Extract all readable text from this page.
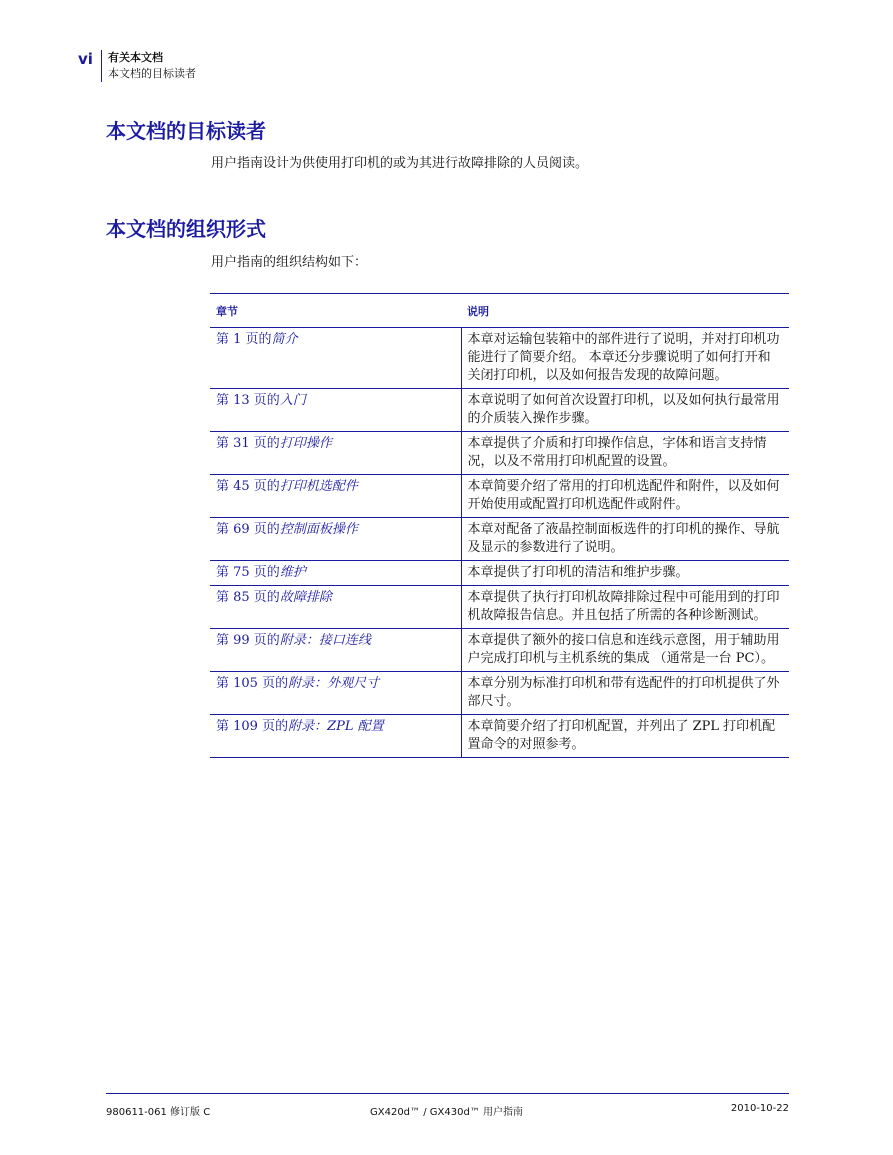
vi 有关本文档
本文档的目标读者
本文档的目标读者

用户指南设计为供使用打印机的或为其进行故障排除的人员阅读。

本文档的组织形式

用户指南的组织结构如下：

章节	说明
第 1 页的简介	本章对运输包装箱中的部件进行了说明，并对打印机功能进行了简要介绍。 本章还分步骤说明了如何打开和关闭打印机，以及如何报告发现的故障问题。
第 13 页的入门	本章说明了如何首次设置打印机，以及如何执行最常用的介质装入操作步骤。
第 31 页的打印操作	本章提供了介质和打印操作信息，字体和语言支持情况，以及不常用打印机配置的设置。
第 45 页的打印机选配件	本章简要介绍了常用的打印机选配件和附件，以及如何开始使用或配置打印机选配件或附件。
第 69 页的控制面板操作	本章对配备了液晶控制面板选件的打印机的操作、导航及显示的参数进行了说明。
第 75 页的维护	本章提供了打印机的清洁和维护步骤。
第 85 页的故障排除	本章提供了执行打印机故障排除过程中可能用到的打印机故障报告信息。并且包括了所需的各种诊断测试。
第 99 页的附录：接口连线	本章提供了额外的接口信息和连线示意图，用于辅助用户完成打印机与主机系统的集成 （通常是一台 PC）。
第 105 页的附录：外观尺寸	本章分别为标准打印机和带有选配件的打印机提供了外部尺寸。
第 109 页的附录：ZPL 配置	本章简要介绍了打印机配置，并列出了 ZPL 打印机配置命令的对照参考。
980611-061 修订版 C	GX420d™ / GX430d™ 用户指南	2010-10-22
